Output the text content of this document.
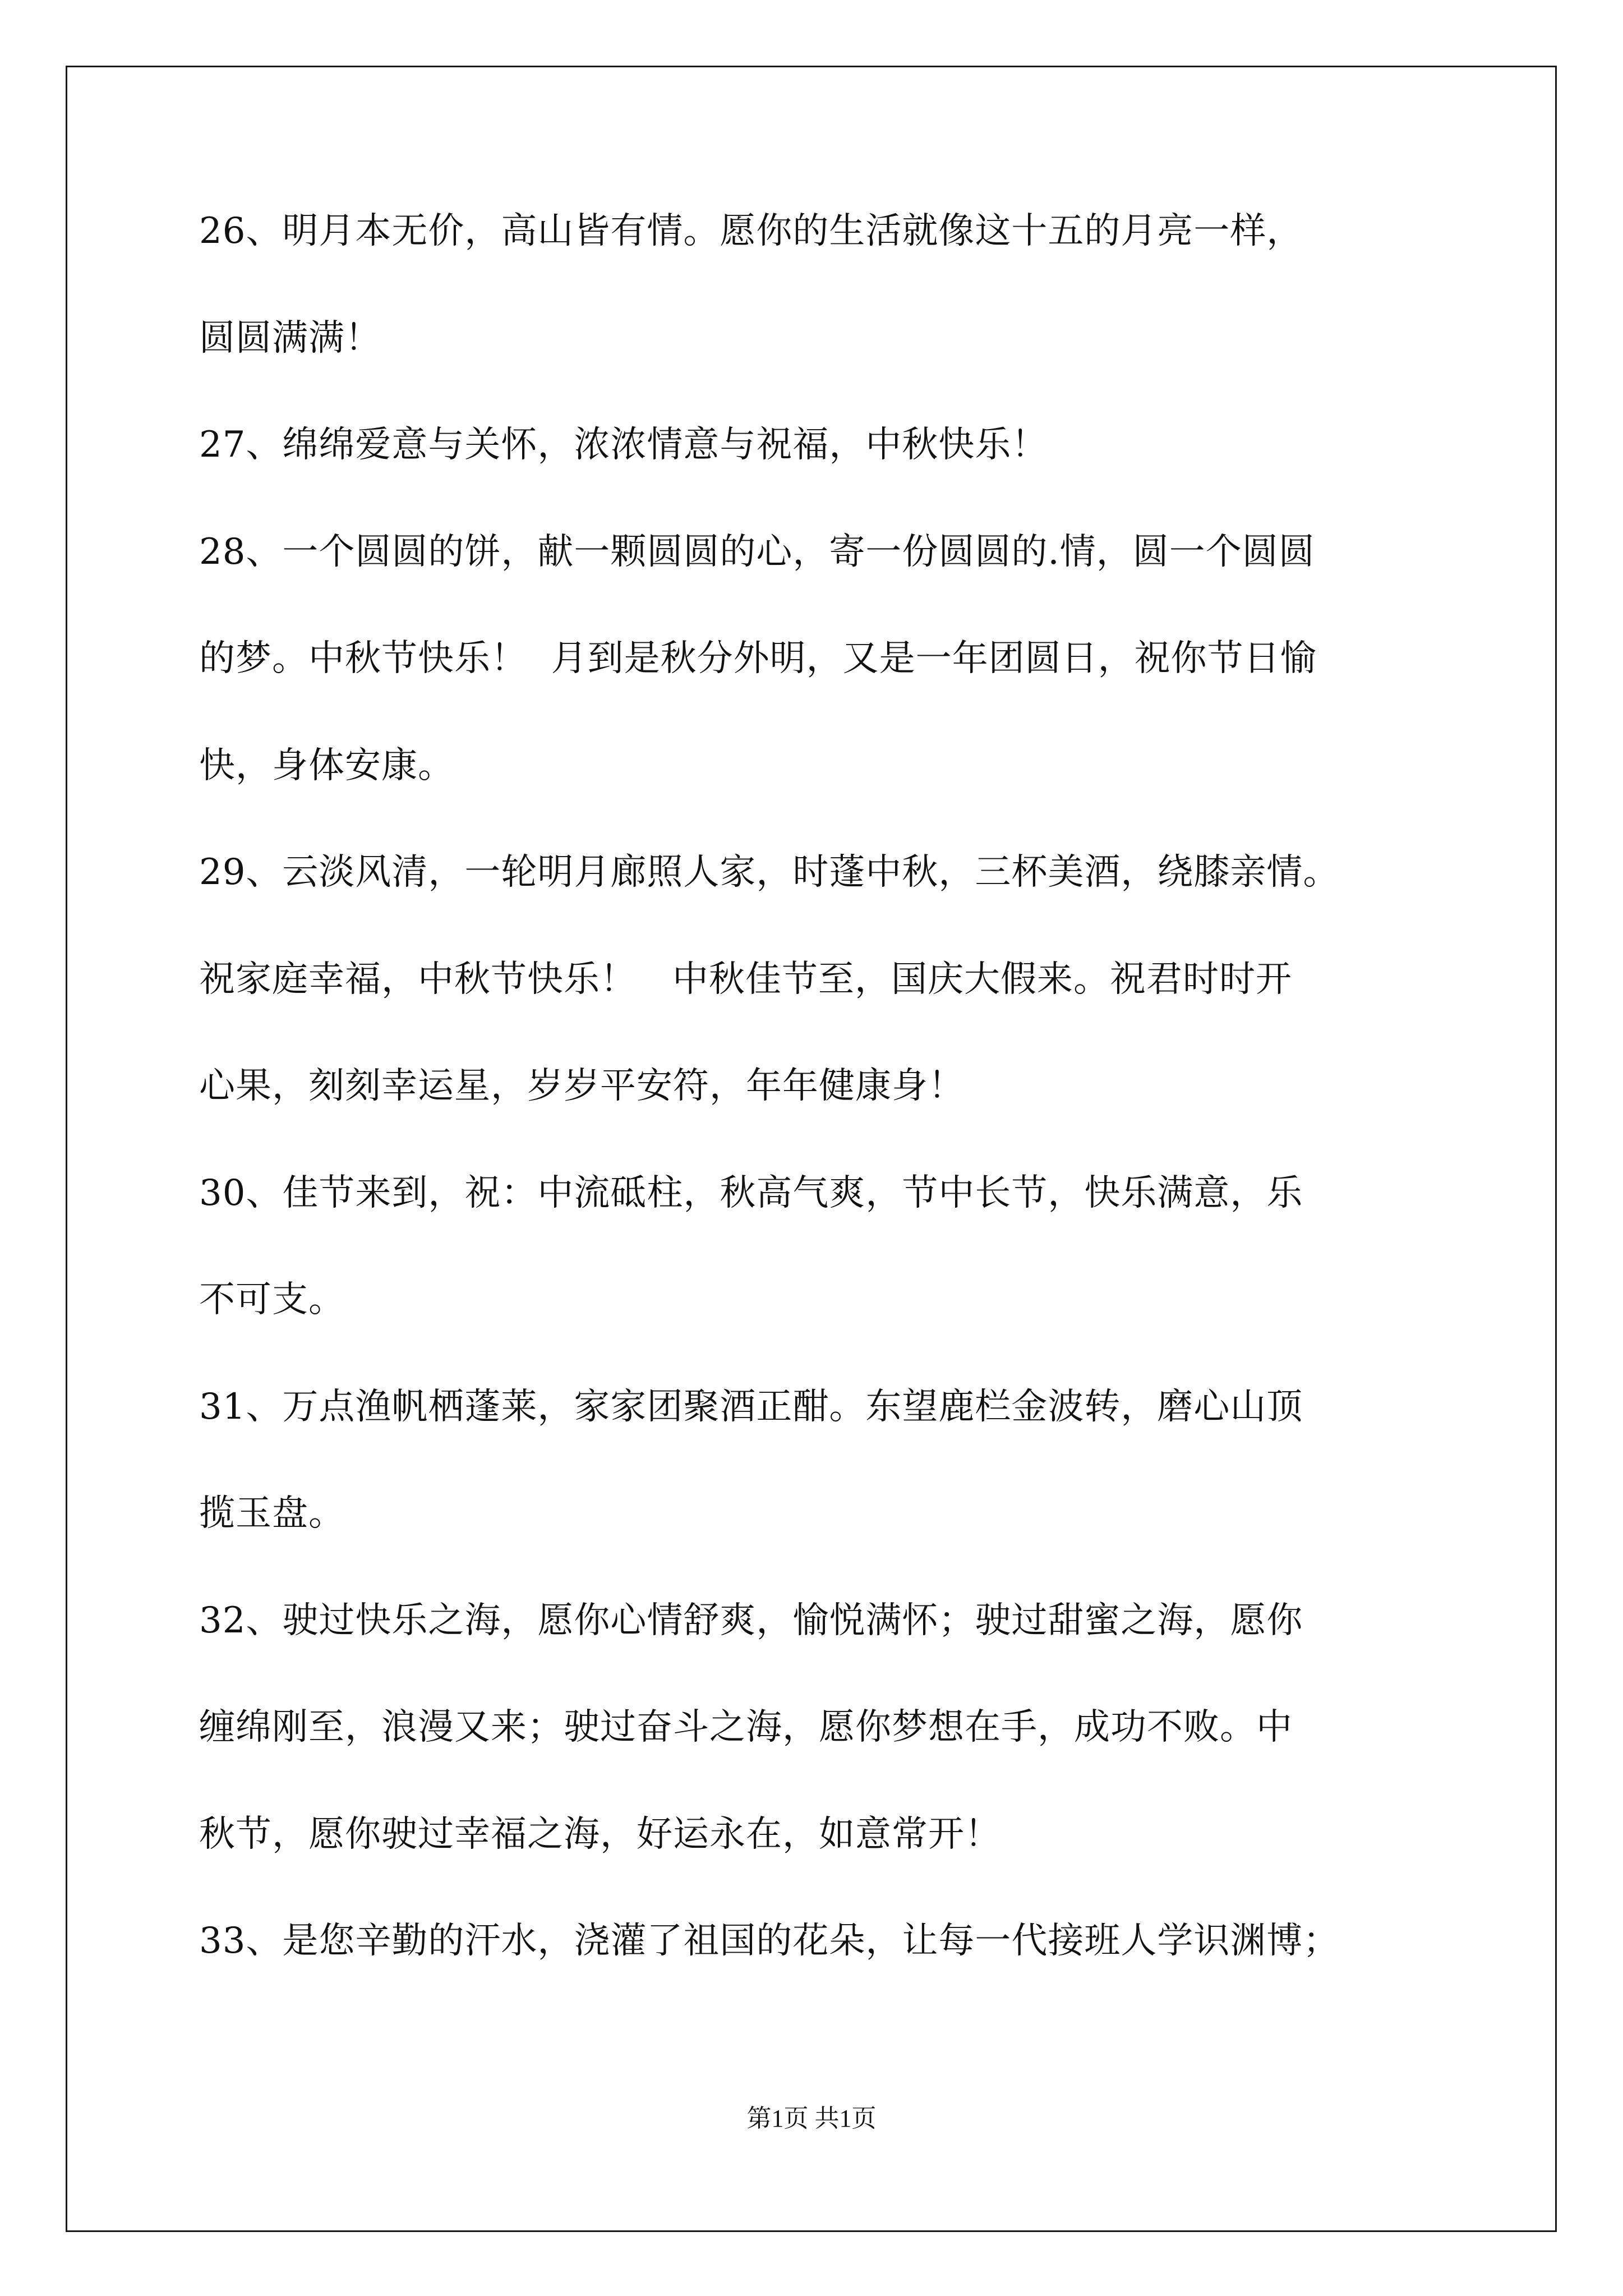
26、明月本无价，高山皆有情。愿你的生活就像这十五的月亮一样，
圆圆满满！
27、绵绵爱意与关怀，浓浓情意与祝福，中秋快乐！
28、一个圆圆的饼，献一颗圆圆的心，寄一份圆圆的.情，圆一个圆圆
的梦。中秋节快乐！  月到是秋分外明，又是一年团圆日，祝你节日愉
快，身体安康。
29、云淡风清，一轮明月廊照人家，时蓬中秋，三杯美酒，绕膝亲情。
祝家庭幸福，中秋节快乐！   中秋佳节至，国庆大假来。祝君时时开
心果，刻刻幸运星，岁岁平安符，年年健康身！
30、佳节来到，祝：中流砥柱，秋高气爽，节中长节，快乐满意，乐
不可支。
31、万点渔帆栖蓬莱，家家团聚酒正酣。东望鹿栏金波转，磨心山顶
揽玉盘。
32、驶过快乐之海，愿你心情舒爽，愉悦满怀；驶过甜蜜之海，愿你
缠绵刚至，浪漫又来；驶过奋斗之海，愿你梦想在手，成功不败。中
秋节，愿你驶过幸福之海，好运永在，如意常开！
33、是您辛勤的汗水，浇灌了祖国的花朵，让每一代接班人学识渊博；
第1页 共1页
